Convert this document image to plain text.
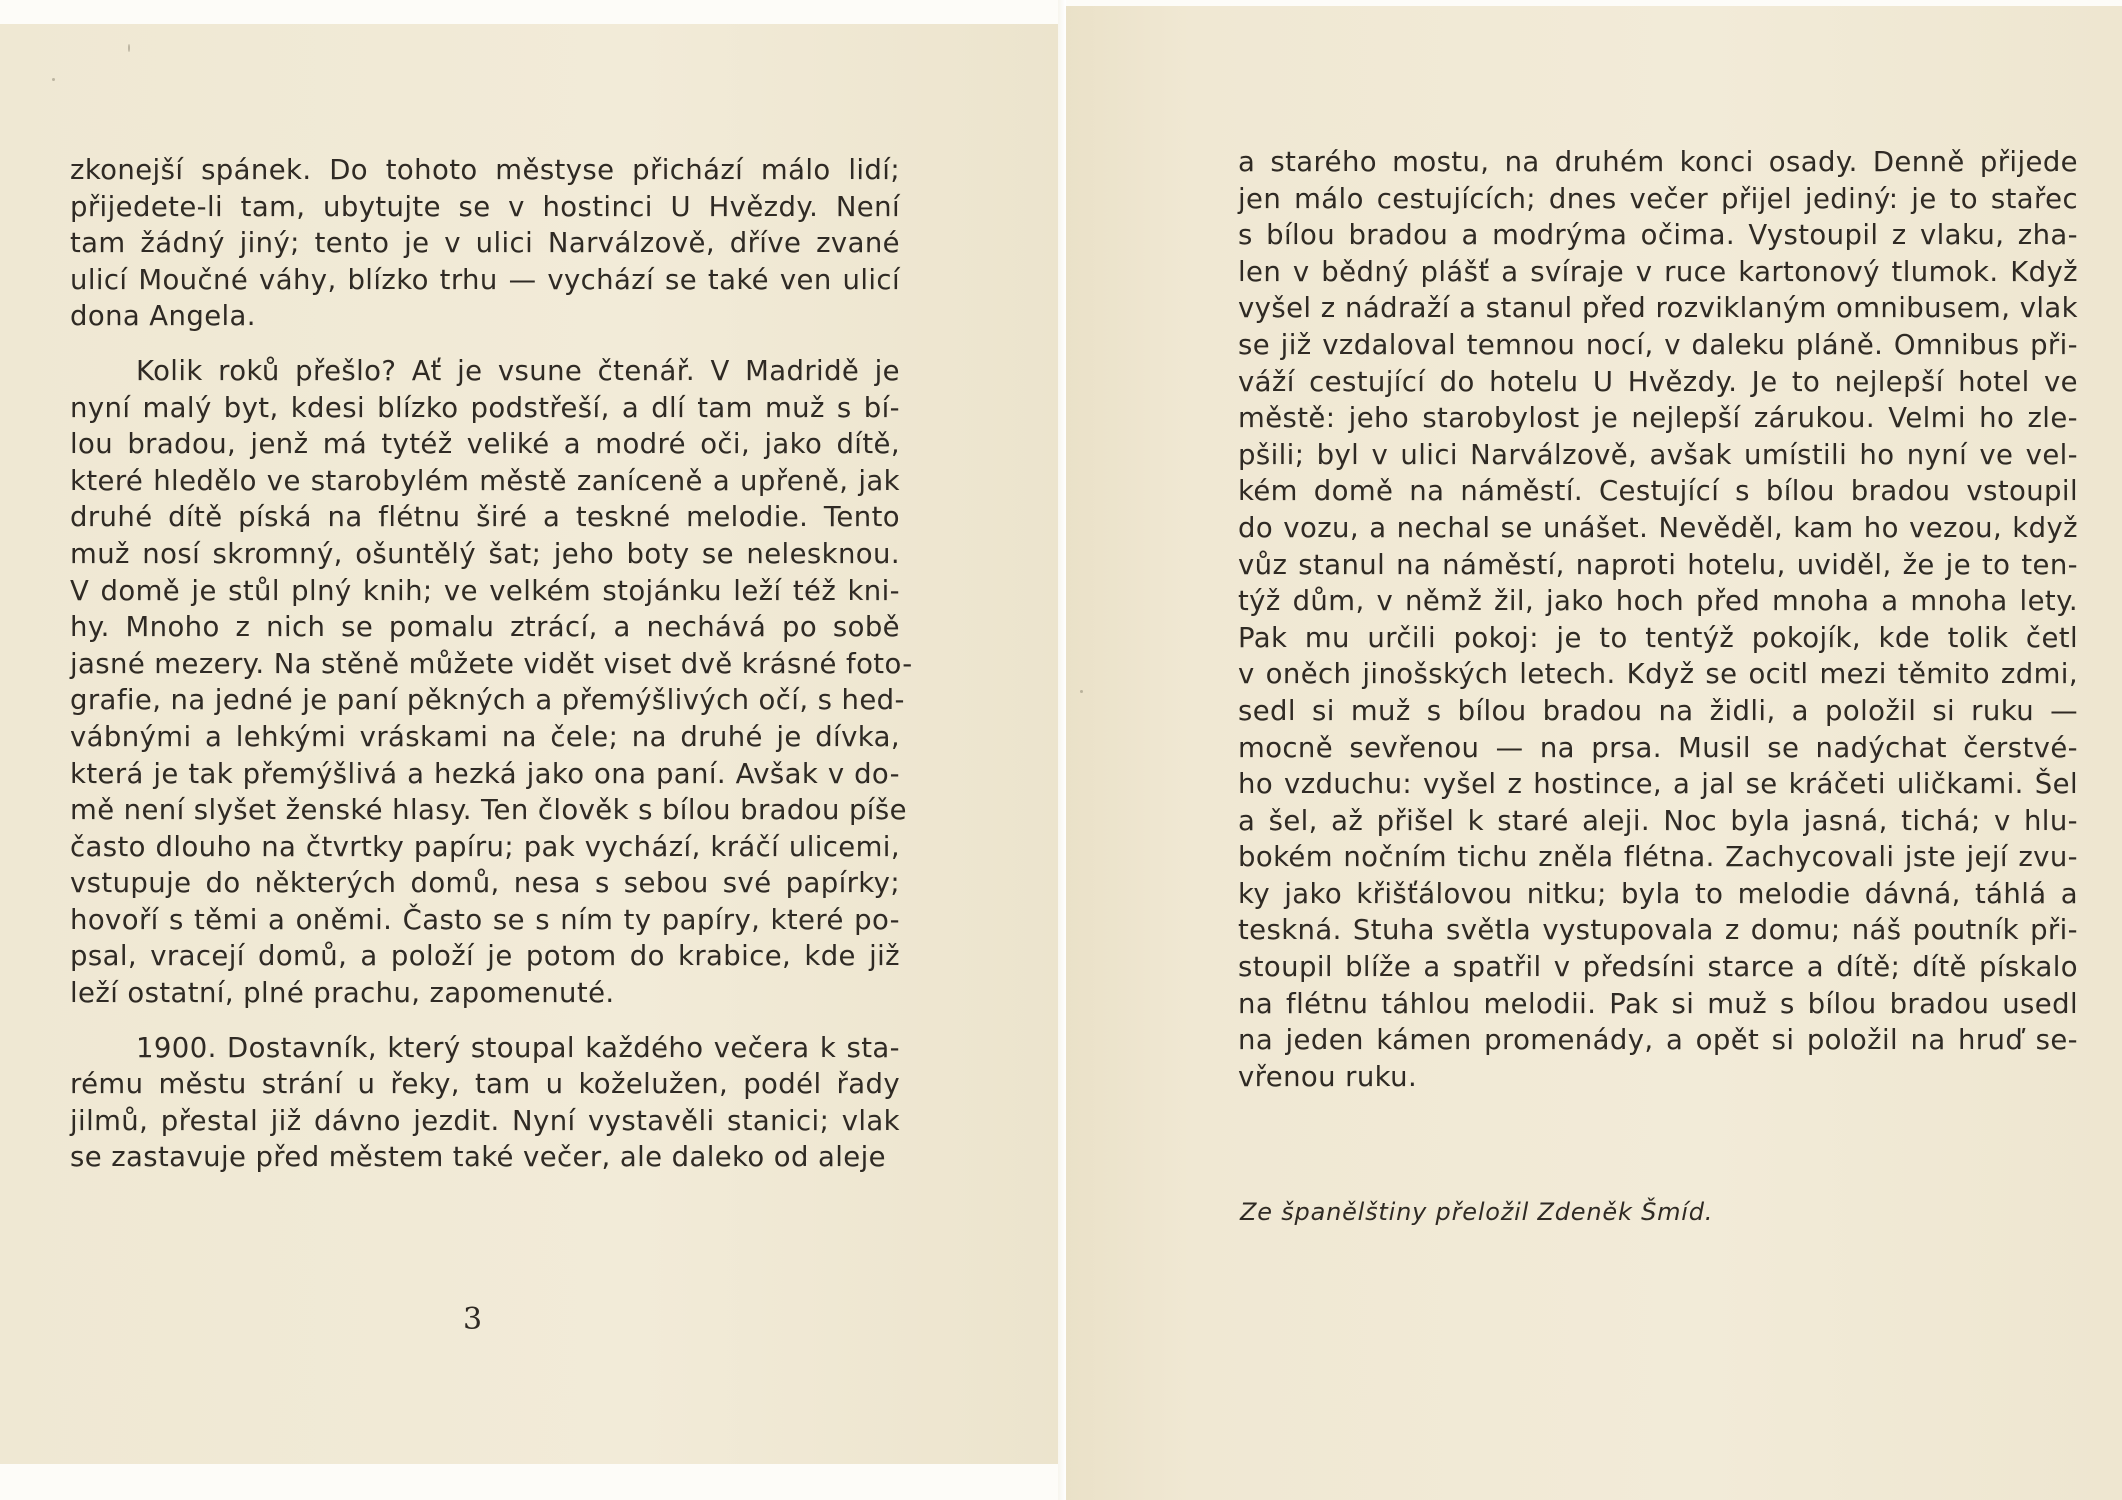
zkonejší spánek. Do tohoto městyse přichází málo lidí;
přijedete-li tam, ubytujte se v hostinci U Hvězdy. Není
tam žádný jiný; tento je v ulici Narválzově, dříve zvané
ulicí Moučné váhy, blízko trhu — vychází se také ven ulicí
dona Angela.
Kolik roků přešlo? Ať je vsune čtenář. V Madridě je
nyní malý byt, kdesi blízko podstřeší, a dlí tam muž s bí-
lou bradou, jenž má tytéž veliké a modré oči, jako dítě,
které hledělo ve starobylém městě zaníceně a upřeně, jak
druhé dítě píská na flétnu širé a teskné melodie. Tento
muž nosí skromný, ošuntělý šat; jeho boty se nelesknou.
V domě je stůl plný knih; ve velkém stojánku leží též kni-
hy. Mnoho z nich se pomalu ztrácí, a nechává po sobě
jasné mezery. Na stěně můžete vidět viset dvě krásné foto-
grafie, na jedné je paní pěkných a přemýšlivých očí, s hed-
vábnými a lehkými vráskami na čele; na druhé je dívka,
která je tak přemýšlivá a hezká jako ona paní. Avšak v do-
mě není slyšet ženské hlasy. Ten člověk s bílou bradou píše
často dlouho na čtvrtky papíru; pak vychází, kráčí ulicemi,
vstupuje do některých domů, nesa s sebou své papírky;
hovoří s těmi a oněmi. Často se s ním ty papíry, které po-
psal, vracejí domů, a položí je potom do krabice, kde již
leží ostatní, plné prachu, zapomenuté.
1900. Dostavník, který stoupal každého večera k sta-
rému městu strání u řeky, tam u koželužen, podél řady
jilmů, přestal již dávno jezdit. Nyní vystavěli stanici; vlak
se zastavuje před městem také večer, ale daleko od aleje
3
a starého mostu, na druhém konci osady. Denně přijede
jen málo cestujících; dnes večer přijel jediný: je to stařec
s bílou bradou a modrýma očima. Vystoupil z vlaku, zha-
len v bědný plášť a svíraje v ruce kartonový tlumok. Když
vyšel z nádraží a stanul před rozviklaným omnibusem, vlak
se již vzdaloval temnou nocí, v daleku pláně. Omnibus při-
váží cestující do hotelu U Hvězdy. Je to nejlepší hotel ve
městě: jeho starobylost je nejlepší zárukou. Velmi ho zle-
pšili; byl v ulici Narválzově, avšak umístili ho nyní ve vel-
kém domě na náměstí. Cestující s bílou bradou vstoupil
do vozu, a nechal se unášet. Nevěděl, kam ho vezou, když
vůz stanul na náměstí, naproti hotelu, uviděl, že je to ten-
týž dům, v němž žil, jako hoch před mnoha a mnoha lety.
Pak mu určili pokoj: je to tentýž pokojík, kde tolik četl
v oněch jinošských letech. Když se ocitl mezi těmito zdmi,
sedl si muž s bílou bradou na židli, a položil si ruku —
mocně sevřenou — na prsa. Musil se nadýchat čerstvé-
ho vzduchu: vyšel z hostince, a jal se kráčeti uličkami. Šel
a šel, až přišel k staré aleji. Noc byla jasná, tichá; v hlu-
bokém nočním tichu zněla flétna. Zachycovali jste její zvu-
ky jako křišťálovou nitku; byla to melodie dávná, táhlá a
teskná. Stuha světla vystupovala z domu; náš poutník při-
stoupil blíže a spatřil v předsíni starce a dítě; dítě pískalo
na flétnu táhlou melodii. Pak si muž s bílou bradou usedl
na jeden kámen promenády, a opět si položil na hruď se-
vřenou ruku.
Ze španělštiny přeložil Zdeněk Šmíd.
